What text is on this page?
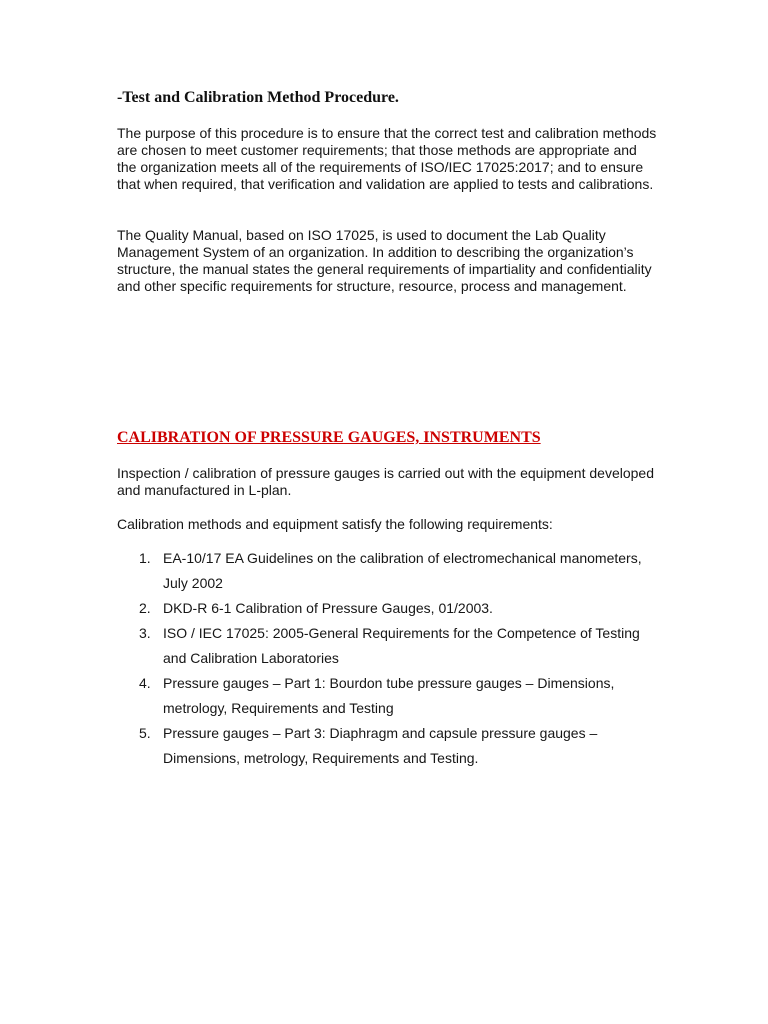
-Test and Calibration Method Procedure.

The purpose of this procedure is to ensure that the correct test and calibration methods are chosen to meet customer requirements; that those methods are appropriate and the organization meets all of the requirements of ISO/IEC 17025:2017; and to ensure that when required, that verification and validation are applied to tests and calibrations.

The Quality Manual, based on ISO 17025, is used to document the Lab Quality Management System of an organization. In addition to describing the organization’s structure, the manual states the general requirements of impartiality and confidentiality and other specific requirements for structure, resource, process and management.

CALIBRATION OF PRESSURE GAUGES, INSTRUMENTS

Inspection / calibration of pressure gauges is carried out with the equipment developed and manufactured in L-plan.

Calibration methods and equipment satisfy the following requirements:

1. EA-10/17 EA Guidelines on the calibration of electromechanical manometers, July 2002
2. DKD-R 6-1 Calibration of Pressure Gauges, 01/2003.
3. ISO / IEC 17025: 2005-General Requirements for the Competence of Testing and Calibration Laboratories
4. Pressure gauges – Part 1: Bourdon tube pressure gauges – Dimensions, metrology, Requirements and Testing
5. Pressure gauges – Part 3: Diaphragm and capsule pressure gauges – Dimensions, metrology, Requirements and Testing.
